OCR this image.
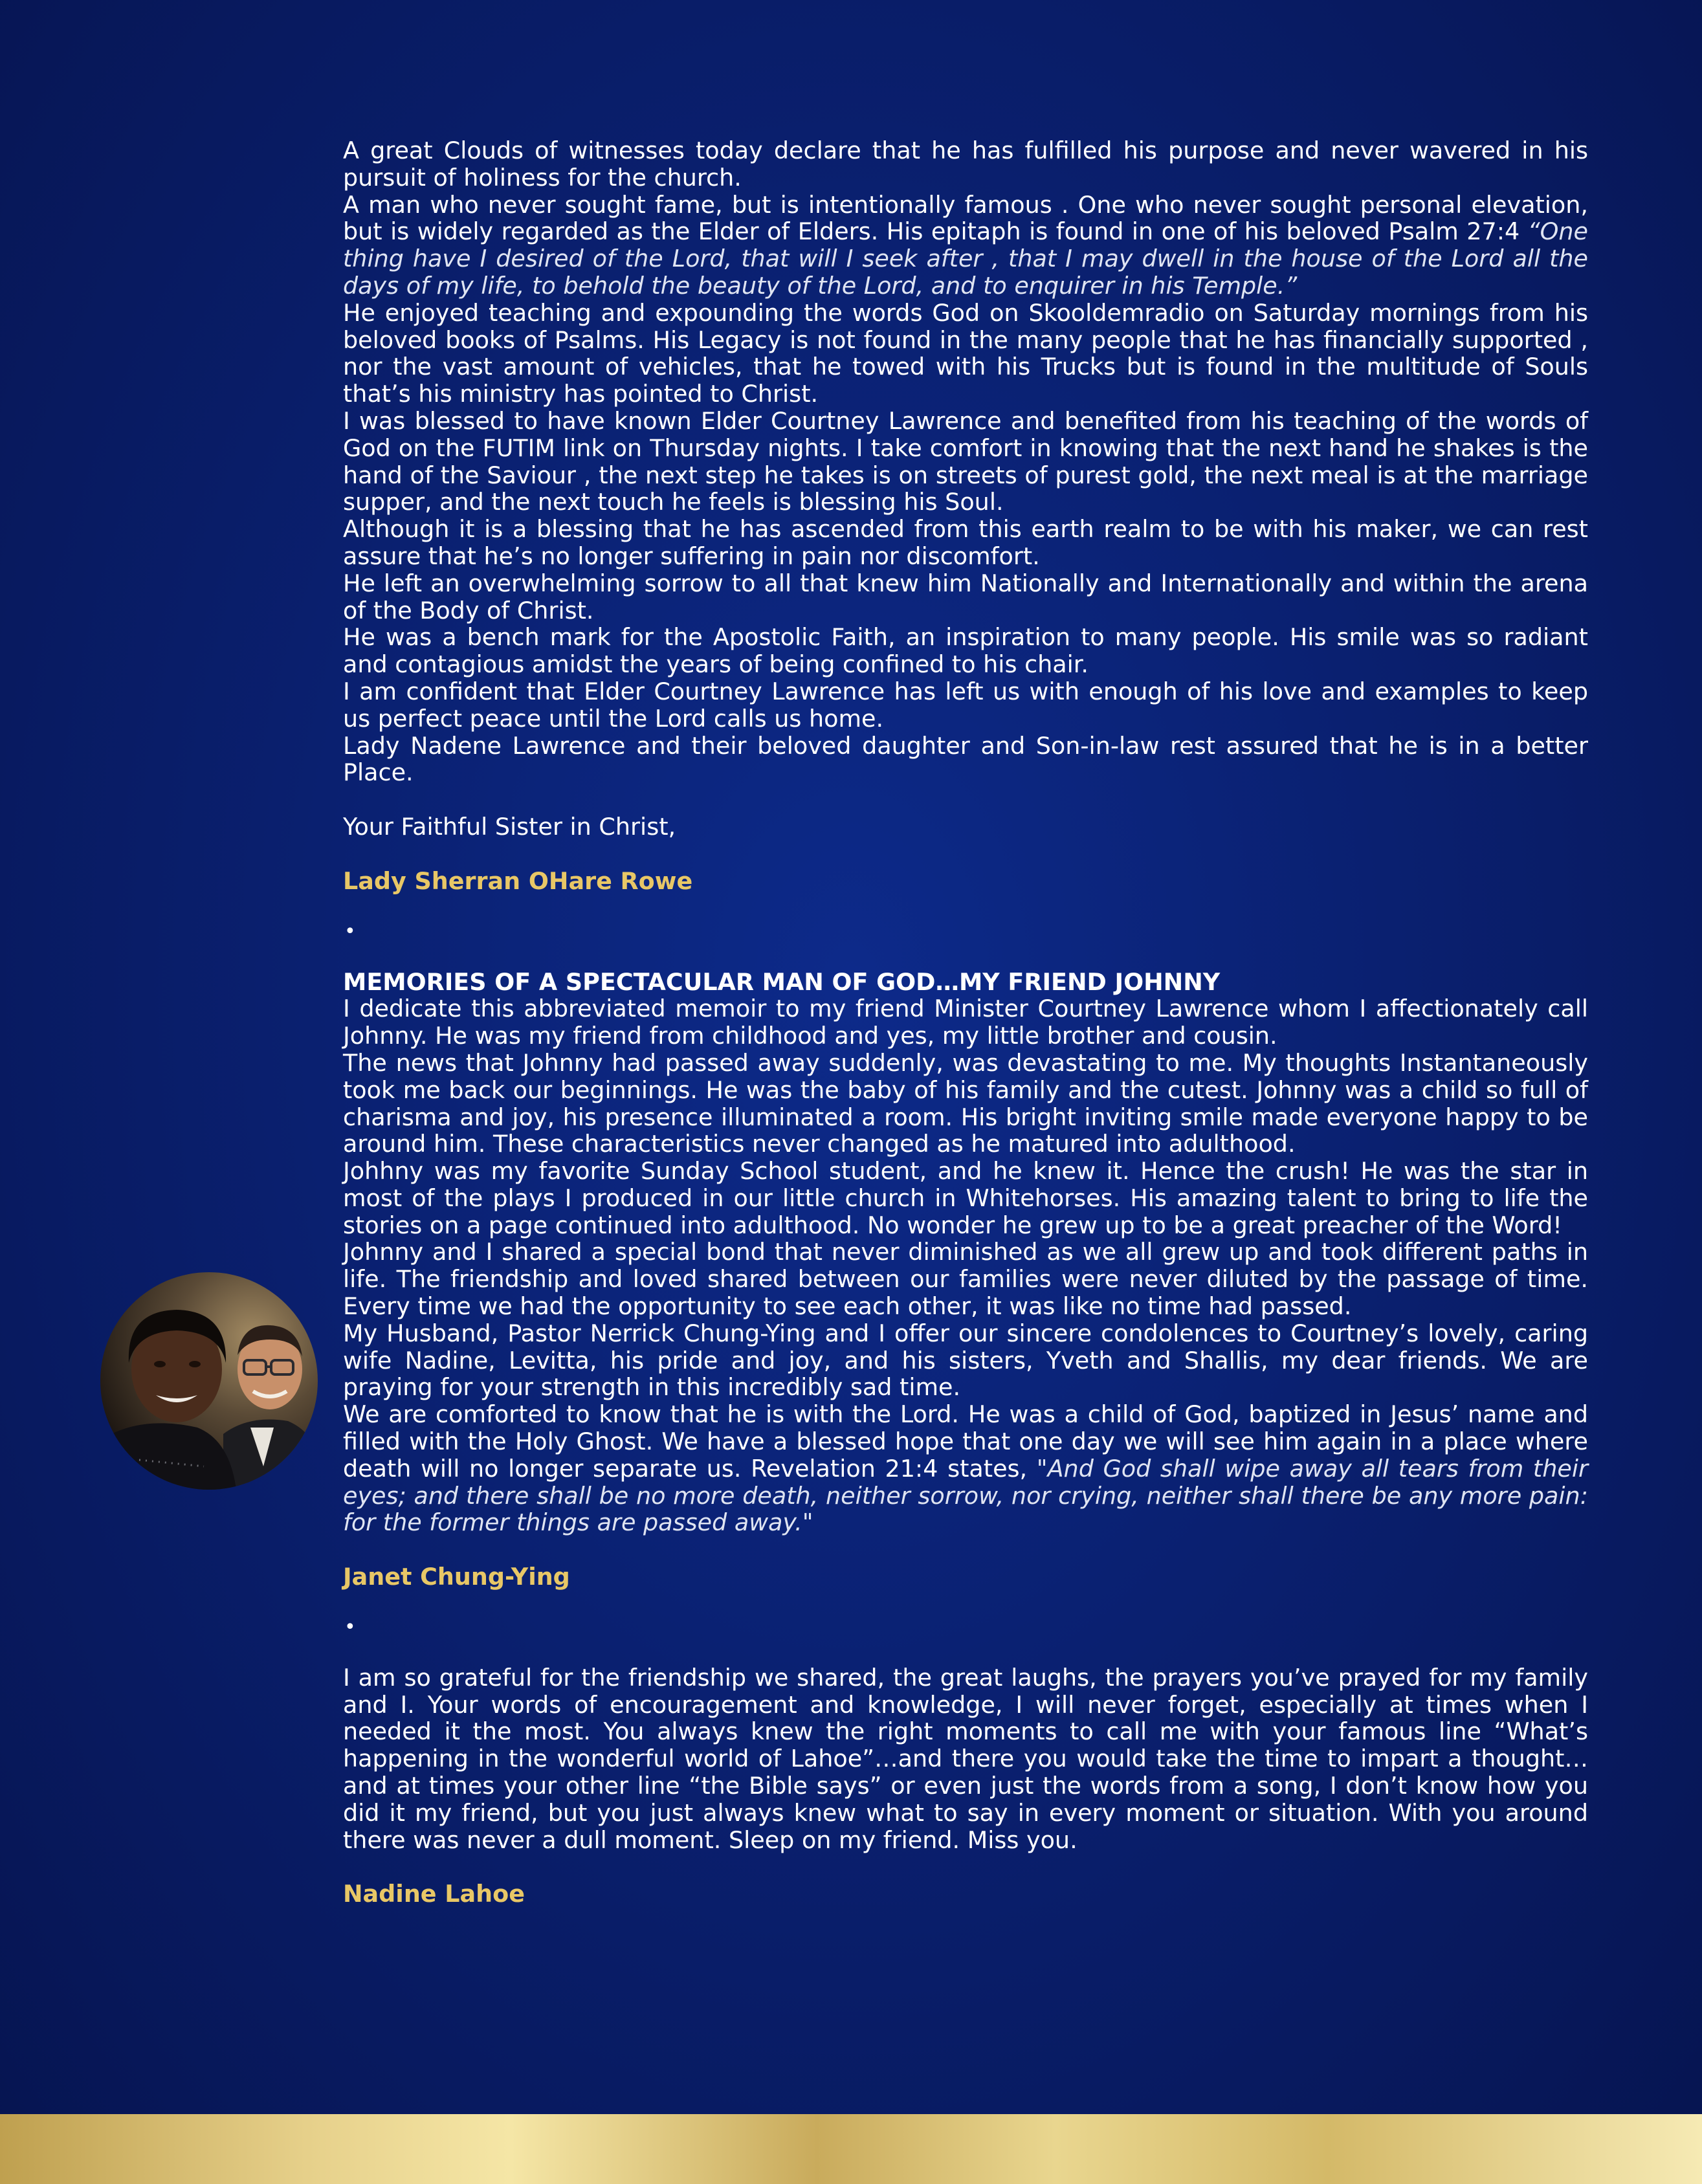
A great Clouds of witnesses today declare that he has fulfilled his purpose and never wavered in his pursuit of holiness for the church.

A man who never sought fame, but is intentionally famous . One who never sought personal elevation, but is widely regarded as the Elder of Elders. His epitaph is found in one of his beloved Psalm 27:4 “One thing have I desired of the Lord, that will I seek after , that I may dwell in the house of the Lord all the days of my life, to behold the beauty of the Lord, and to enquirer in his Temple.”

He enjoyed teaching and expounding the words God on Skooldemradio on Saturday mornings from his beloved books of Psalms. His Legacy is not found in the many people that he has financially supported , nor the vast amount of vehicles, that he towed with his Trucks but is found in the multitude of Souls that’s his ministry has pointed to Christ.

I was blessed to have known Elder Courtney Lawrence and benefited from his teaching of the words of God on the FUTIM link on Thursday nights. I take comfort in knowing that the next hand he shakes is the hand of the Saviour , the next step he takes is on streets of purest gold, the next meal is at the marriage supper, and the next touch he feels is blessing his Soul.

Although it is a blessing that he has ascended from this earth realm to be with his maker, we can rest assure that he’s no longer suffering in pain nor discomfort.

He left an overwhelming sorrow to all that knew him Nationally and Internationally and within the arena of the Body of Christ.

He was a bench mark for the Apostolic Faith, an inspiration to many people. His smile was so radiant and contagious amidst the years of being confined to his chair.

I am confident that Elder Courtney Lawrence has left us with enough of his love and examples to keep us perfect peace until the Lord calls us home.

Lady Nadene Lawrence and their beloved daughter and Son-in-law rest assured that he is in a better Place.

Your Faithful Sister in Christ,

Lady Sherran OHare Rowe

•

MEMORIES OF A SPECTACULAR MAN OF GOD…MY FRIEND JOHNNY

I dedicate this abbreviated memoir to my friend Minister Courtney Lawrence whom I affectionately call Johnny. He was my friend from childhood and yes, my little brother and cousin.

The news that Johnny had passed away suddenly, was devastating to me. My thoughts Instantaneously took me back our beginnings. He was the baby of his family and the cutest. Johnny was a child so full of charisma and joy, his presence illuminated a room. His bright inviting smile made everyone happy to be around him. These characteristics never changed as he matured into adulthood.

Johhny was my favorite Sunday School student, and he knew it. Hence the crush! He was the star in most of the plays I produced in our little church in Whitehorses. His amazing talent to bring to life the stories on a page continued into adulthood. No wonder he grew up to be a great preacher of the Word!

Johnny and I shared a special bond that never diminished as we all grew up and took different paths in life. The friendship and loved shared between our families were never diluted by the passage of time. Every time we had the opportunity to see each other, it was like no time had passed.

My Husband, Pastor Nerrick Chung-Ying and I offer our sincere condolences to Courtney’s lovely, caring wife Nadine, Levitta, his pride and joy, and his sisters, Yveth and Shallis, my dear friends. We are praying for your strength in this incredibly sad time.

We are comforted to know that he is with the Lord. He was a child of God, baptized in Jesus’ name and filled with the Holy Ghost. We have a blessed hope that one day we will see him again in a place where death will no longer separate us. Revelation 21:4 states, "And God shall wipe away all tears from their eyes; and there shall be no more death, neither sorrow, nor crying, neither shall there be any more pain: for the former things are passed away."

Janet Chung-Ying

•

I am so grateful for the friendship we shared, the great laughs, the prayers you’ve prayed for my family and I. Your words of encouragement and knowledge, I will never forget, especially at times when I needed it the most. You always knew the right moments to call me with your famous line “What’s happening in the wonderful world of Lahoe”…and there you would take the time to impart a thought…and at times your other line “the Bible says” or even just the words from a song, I don’t know how you did it my friend, but you just always knew what to say in every moment or situation. With you around there was never a dull moment. Sleep on my friend. Miss you.

Nadine Lahoe
